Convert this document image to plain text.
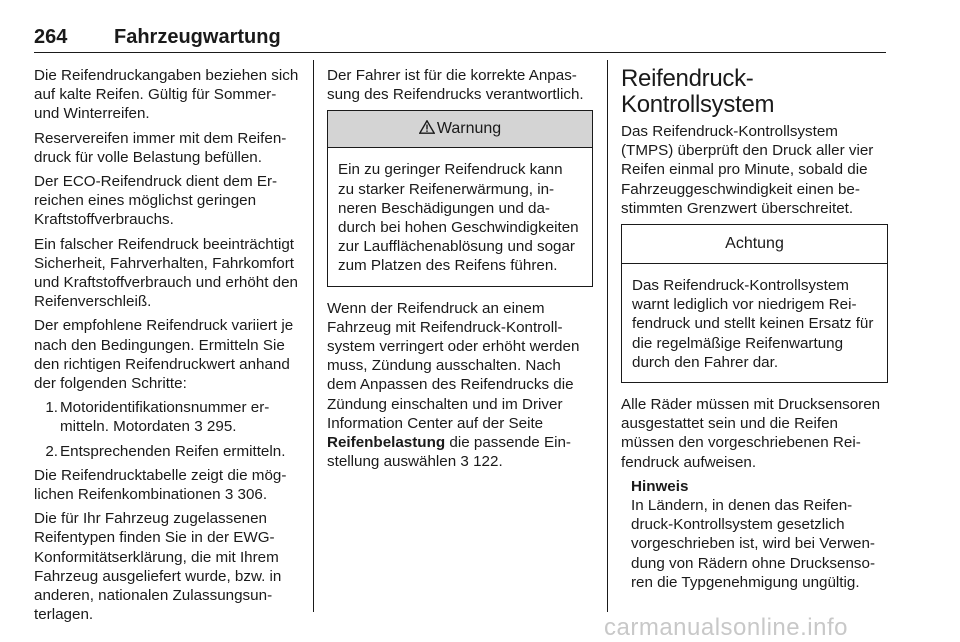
264 Fahrzeugwartung

Die Reifendruckangaben beziehen sich auf kalte Reifen. Gültig für Sommer- und Winterreifen.

Reservereifen immer mit dem Reifendruck für volle Belastung befüllen.

Der ECO-Reifendruck dient dem Erreichen eines möglichst geringen Kraftstoffverbrauchs.

Ein falscher Reifendruck beeinträchtigt Sicherheit, Fahrverhalten, Fahrkomfort und Kraftstoffverbrauch und erhöht den Reifenverschleiß.

Der empfohlene Reifendruck variiert je nach den Bedingungen. Ermitteln Sie den richtigen Reifendruckwert anhand der folgenden Schritte:

1. Motoridentifikationsnummer ermitteln. Motordaten 3 295.
2. Entsprechenden Reifen ermitteln.

Die Reifendrucktabelle zeigt die möglichen Reifenkombinationen 3 306.

Die für Ihr Fahrzeug zugelassenen Reifentypen finden Sie in der EWG-Konformitätserklärung, die mit Ihrem Fahrzeug ausgeliefert wurde, bzw. in anderen, nationalen Zulassungsunterlagen.

Der Fahrer ist für die korrekte Anpassung des Reifendrucks verantwortlich.

Warnung
Ein zu geringer Reifendruck kann zu starker Reifenerwärmung, inneren Beschädigungen und dadurch bei hohen Geschwindigkeiten zur Laufflächenablösung und sogar zum Platzen des Reifens führen.

Wenn der Reifendruck an einem Fahrzeug mit Reifendruck-Kontrollsystem verringert oder erhöht werden muss, Zündung ausschalten. Nach dem Anpassen des Reifendrucks die Zündung einschalten und im Driver Information Center auf der Seite Reifenbelastung die passende Einstellung auswählen 3 122.

Reifendruck-Kontrollsystem

Das Reifendruck-Kontrollsystem (TMPS) überprüft den Druck aller vier Reifen einmal pro Minute, sobald die Fahrzeuggeschwindigkeit einen bestimmten Grenzwert überschreitet.

Achtung
Das Reifendruck-Kontrollsystem warnt lediglich vor niedrigem Reifendruck und stellt keinen Ersatz für die regelmäßige Reifenwartung durch den Fahrer dar.

Alle Räder müssen mit Drucksensoren ausgestattet sein und die Reifen müssen den vorgeschriebenen Reifendruck aufweisen.

Hinweis
In Ländern, in denen das Reifendruck-Kontrollsystem gesetzlich vorgeschrieben ist, wird bei Verwendung von Rädern ohne Drucksensoren die Typgenehmigung ungültig.
carmanualsonline.info
